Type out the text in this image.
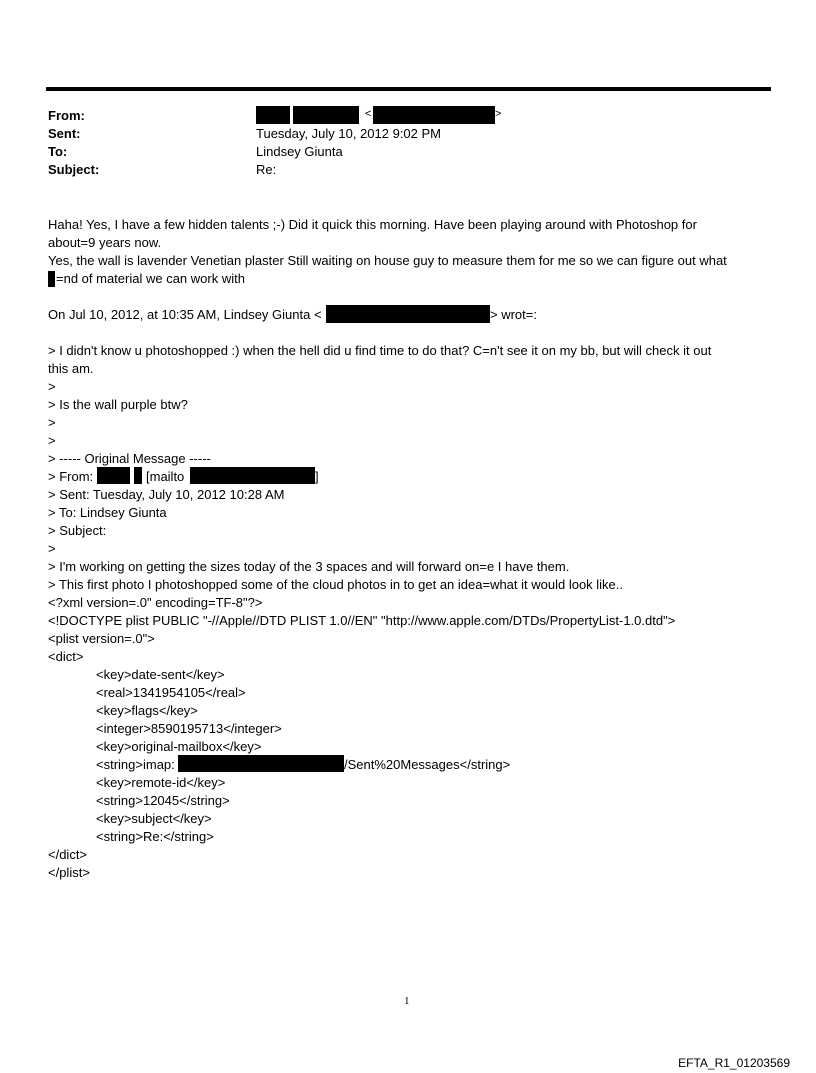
From:	<	>
Sent:	Tuesday, July 10, 2012 9:02 PM
To:	Lindsey Giunta
Subject:	Re:
Haha! Yes, I have a few hidden talents ;-) Did it quick this morning. Have been playing around with Photoshop for
about=9 years now.
Yes, the wall is lavender Venetian plaster Still waiting on house guy to measure them for me so we can figure out what
=nd of material we can work with
On Jul 10, 2012, at 10:35 AM, Lindsey Giunta <	> wrot=:
> I didn't know u photoshopped :) when the hell did u find time to do that? C=n't see it on my bb, but will check it out
this am.
>
> Is the wall purple btw?
>
>
> ----- Original Message -----
> From:	[mailto	]
> Sent: Tuesday, July 10, 2012 10:28 AM
> To: Lindsey Giunta
> Subject:
>
> I'm working on getting the sizes today of the 3 spaces and will forward on=e I have them.
> This first photo I photoshopped some of the cloud photos in to get an idea=what it would look like..
<?xml version=.0" encoding=TF-8"?>
<!DOCTYPE plist PUBLIC "-//Apple//DTD PLIST 1.0//EN" "http://www.apple.com/DTDs/PropertyList-1.0.dtd">
<plist version=.0">
<dict>
<key>date-sent</key>
<real>1341954105</real>
<key>flags</key>
<integer>8590195713</integer>
<key>original-mailbox</key>
<string>imap:	/Sent%20Messages</string>
<key>remote-id</key>
<string>12045</string>
<key>subject</key>
<string>Re:</string>
</dict>
</plist>
1
EFTA_R1_01203569
